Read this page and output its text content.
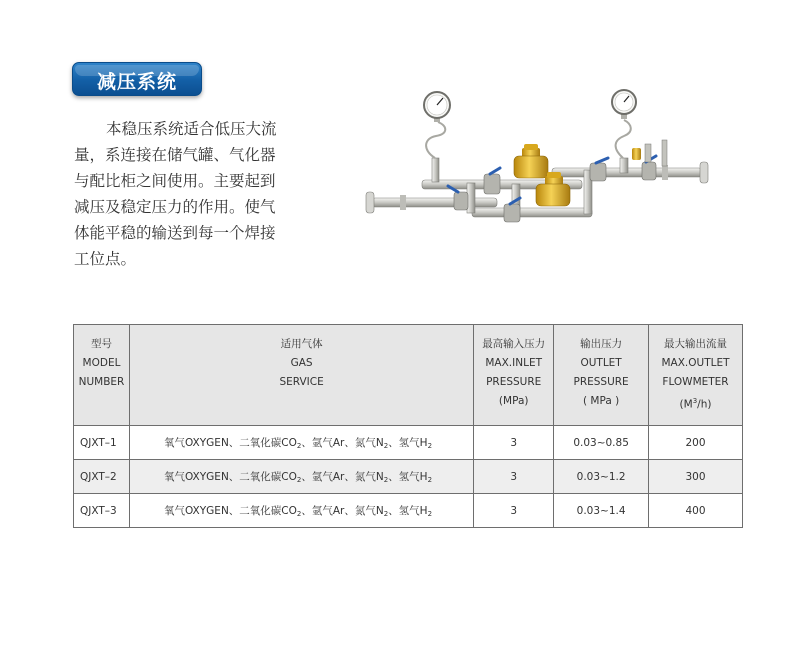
减压系统

本稳压系统适合低压大流

量，系连接在储气罐、气化器

与配比柜之间使用。主要起到

减压及稳定压力的作用。使气

体能平稳的输送到每一个焊接

工位点。

型号
MODEL
NUMBER	适用气体
GAS
SERVICE	最高输入压力
MAX.INLET
PRESSURE
(MPa)	输出压力
OUTLET
PRESSURE
( MPa )	最大输出流量
MAX.OUTLET
FLOWMETER
$(M^3/h)$

QJXT–1	氧气OXYGEN、二氧化碳$CO_2$、氩气Ar、氮气$N_2$、氢气$H_2$	3	0.03~0.85	200
QJXT–2	氧气OXYGEN、二氧化碳$CO_2$、氩气Ar、氮气$N_2$、氢气$H_2$	3	0.03~1.2	300
QJXT–3	氧气OXYGEN、二氧化碳$CO_2$、氩气Ar、氮气$N_2$、氢气$H_2$	3	0.03~1.4	400
